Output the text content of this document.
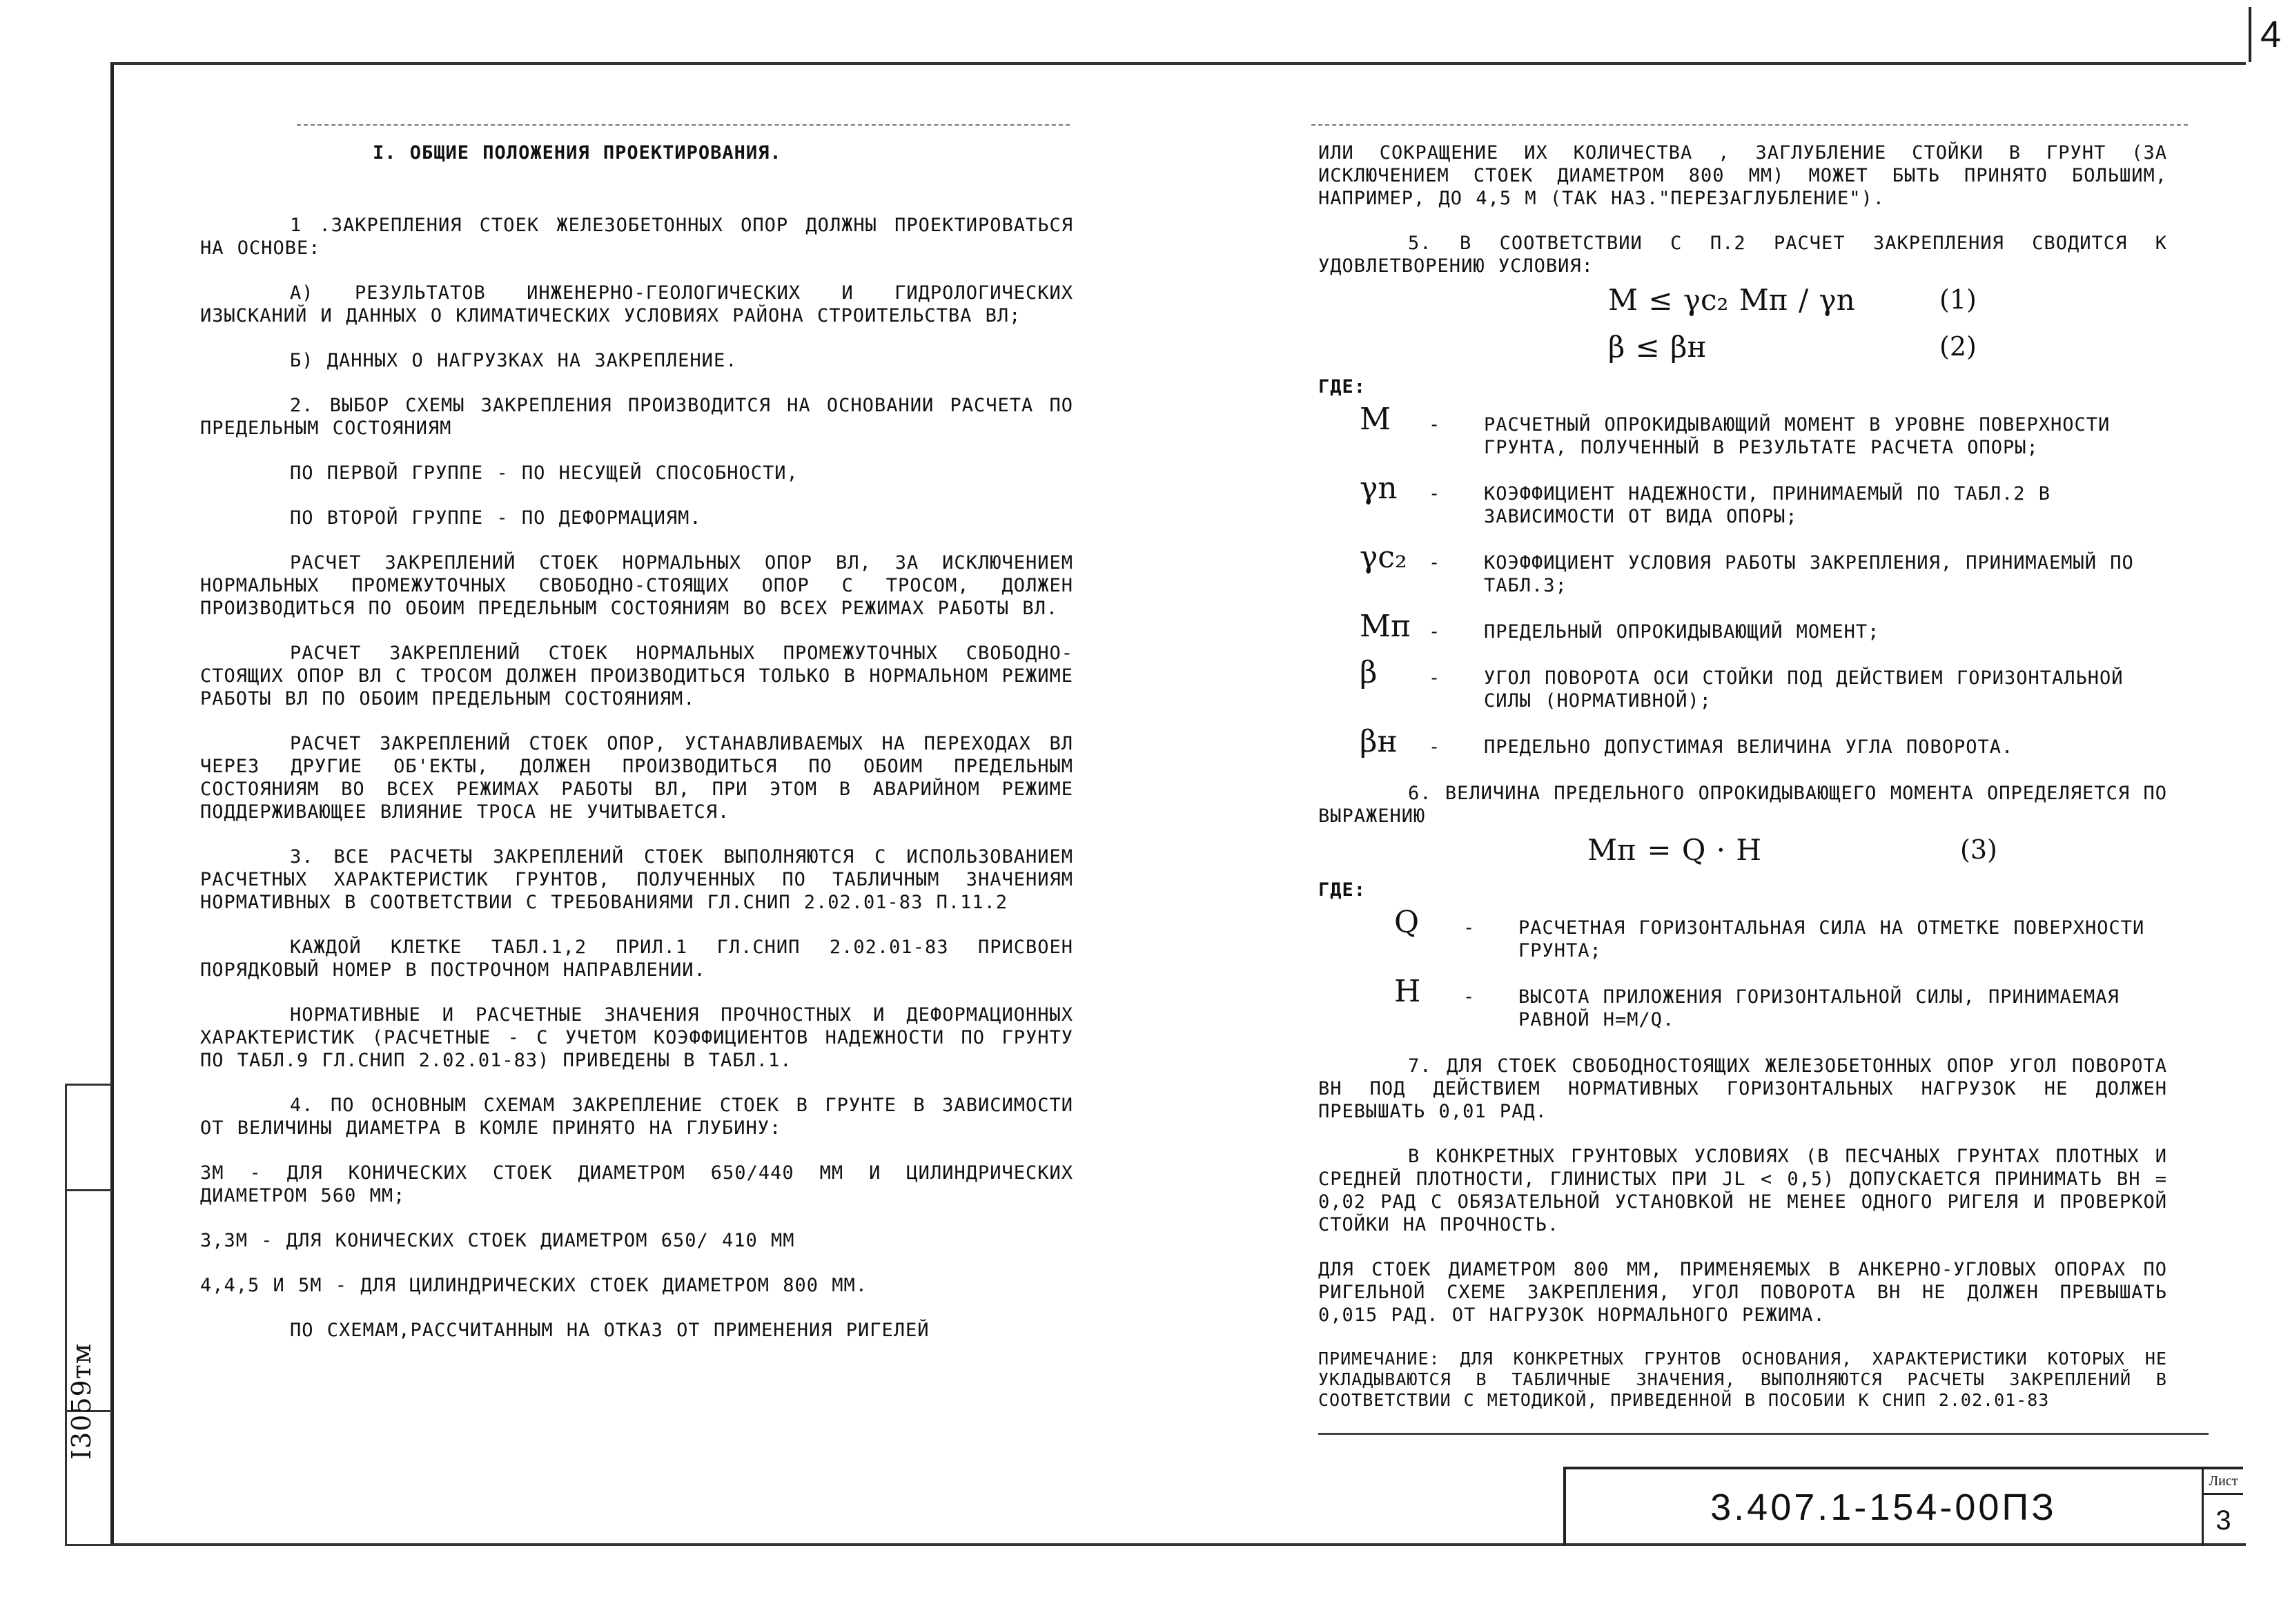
4
I3059тм
I. ОБЩИЕ ПОЛОЖЕНИЯ ПРОЕКТИРОВАНИЯ.
1 .ЗАКРЕПЛЕНИЯ СТОЕК ЖЕЛЕЗОБЕТОННЫХ ОПОР ДОЛЖНЫ ПРОЕКТИРОВАТЬСЯ НА ОСНОВЕ:
А) РЕЗУЛЬТАТОВ ИНЖЕНЕРНО-ГЕОЛОГИЧЕСКИХ И ГИДРОЛОГИЧЕСКИХ ИЗЫСКАНИЙ И ДАННЫХ О КЛИМАТИЧЕСКИХ УСЛОВИЯХ РАЙОНА СТРОИТЕЛЬСТВА ВЛ;
Б) ДАННЫХ О НАГРУЗКАХ НА ЗАКРЕПЛЕНИЕ.
2. ВЫБОР СХЕМЫ ЗАКРЕПЛЕНИЯ ПРОИЗВОДИТСЯ НА ОСНОВАНИИ РАСЧЕТА ПО ПРЕДЕЛЬНЫМ СОСТОЯНИЯМ
ПО ПЕРВОЙ ГРУППЕ - ПО НЕСУЩЕЙ СПОСОБНОСТИ,
ПО ВТОРОЙ ГРУППЕ - ПО ДЕФОРМАЦИЯМ.
РАСЧЕТ ЗАКРЕПЛЕНИЙ СТОЕК НОРМАЛЬНЫХ ОПОР ВЛ, ЗА ИСКЛЮЧЕНИЕМ НОРМАЛЬНЫХ ПРОМЕЖУТОЧНЫХ СВОБОДНО-СТОЯЩИХ ОПОР С ТРОСОМ, ДОЛЖЕН ПРОИЗВОДИТЬСЯ ПО ОБОИМ ПРЕДЕЛЬНЫМ СОСТОЯНИЯМ ВО ВСЕХ РЕЖИМАХ РАБОТЫ ВЛ.
РАСЧЕТ ЗАКРЕПЛЕНИЙ СТОЕК НОРМАЛЬНЫХ ПРОМЕЖУТОЧНЫХ СВОБОДНО-СТОЯЩИХ ОПОР ВЛ С ТРОСОМ ДОЛЖЕН ПРОИЗВОДИТЬСЯ ТОЛЬКО В НОРМАЛЬНОМ РЕЖИМЕ РАБОТЫ ВЛ ПО ОБОИМ ПРЕДЕЛЬНЫМ СОСТОЯНИЯМ.
РАСЧЕТ ЗАКРЕПЛЕНИЙ СТОЕК ОПОР, УСТАНАВЛИВАЕМЫХ НА ПЕРЕХОДАХ ВЛ ЧЕРЕЗ ДРУГИЕ ОБ'ЕКТЫ, ДОЛЖЕН ПРОИЗВОДИТЬСЯ ПО ОБОИМ ПРЕДЕЛЬНЫМ СОСТОЯНИЯМ ВО ВСЕХ РЕЖИМАХ РАБОТЫ ВЛ, ПРИ ЭТОМ В АВАРИЙНОМ РЕЖИМЕ ПОДДЕРЖИВАЮЩЕЕ ВЛИЯНИЕ ТРОСА НЕ УЧИТЫВАЕТСЯ.
3. ВСЕ РАСЧЕТЫ ЗАКРЕПЛЕНИЙ СТОЕК ВЫПОЛНЯЮТСЯ С ИСПОЛЬЗОВАНИЕМ РАСЧЕТНЫХ ХАРАКТЕРИСТИК ГРУНТОВ, ПОЛУЧЕННЫХ ПО ТАБЛИЧНЫМ ЗНАЧЕНИЯМ НОРМАТИВНЫХ В СООТВЕТСТВИИ С ТРЕБОВАНИЯМИ ГЛ.СНИП 2.02.01-83 П.11.2
КАЖДОЙ КЛЕТКЕ ТАБЛ.1,2 ПРИЛ.1 ГЛ.СНИП 2.02.01-83 ПРИСВОЕН ПОРЯДКОВЫЙ НОМЕР В ПОСТРОЧНОМ НАПРАВЛЕНИИ.
НОРМАТИВНЫЕ И РАСЧЕТНЫЕ ЗНАЧЕНИЯ ПРОЧНОСТНЫХ И ДЕФОРМАЦИОННЫХ ХАРАКТЕРИСТИК (РАСЧЕТНЫЕ - С УЧЕТОМ КОЭФФИЦИЕНТОВ НАДЕЖНОСТИ ПО ГРУНТУ ПО ТАБЛ.9 ГЛ.СНИП 2.02.01-83) ПРИВЕДЕНЫ В ТАБЛ.1.
4. ПО ОСНОВНЫМ СХЕМАМ ЗАКРЕПЛЕНИЕ СТОЕК В ГРУНТЕ В ЗАВИСИМОСТИ ОТ ВЕЛИЧИНЫ ДИАМЕТРА В КОМЛЕ ПРИНЯТО НА ГЛУБИНУ:
3М - ДЛЯ КОНИЧЕСКИХ СТОЕК ДИАМЕТРОМ 650/440 ММ И ЦИЛИНДРИЧЕСКИХ ДИАМЕТРОМ 560 ММ;
3,3М - ДЛЯ КОНИЧЕСКИХ СТОЕК ДИАМЕТРОМ 650/ 410 ММ
4,4,5 И 5М - ДЛЯ ЦИЛИНДРИЧЕСКИХ СТОЕК ДИАМЕТРОМ 800 ММ.
ПО СХЕМАМ,РАССЧИТАННЫМ НА ОТКАЗ ОТ ПРИМЕНЕНИЯ РИГЕЛЕЙ
ИЛИ СОКРАЩЕНИЕ ИХ КОЛИЧЕСТВА , ЗАГЛУБЛЕНИЕ СТОЙКИ В ГРУНТ (ЗА ИСКЛЮЧЕНИЕМ СТОЕК ДИАМЕТРОМ 800 ММ) МОЖЕТ БЫТЬ ПРИНЯТО БОЛЬШИМ, НАПРИМЕР, ДО 4,5 М (ТАК НАЗ."ПЕРЕЗАГЛУБЛЕНИЕ").
5. В СООТВЕТСТВИИ С П.2 РАСЧЕТ ЗАКРЕПЛЕНИЯ СВОДИТСЯ К УДОВЛЕТВОРЕНИЮ УСЛОВИЯ:
M ≤ γc₂ Mп / γn	(1)
β ≤ βн	(2)
ГДЕ:
M	- РАСЧЕТНЫЙ ОПРОКИДЫВАЮЩИЙ МОМЕНТ В УРОВНЕ ПОВЕРХНОСТИ ГРУНТА, ПОЛУЧЕННЫЙ В РЕЗУЛЬТАТЕ РАСЧЕТА ОПОРЫ;
γn	- КОЭФФИЦИЕНТ НАДЕЖНОСТИ, ПРИНИМАЕМЫЙ ПО ТАБЛ.2 В ЗАВИСИМОСТИ ОТ ВИДА ОПОРЫ;
γc₂	- КОЭФФИЦИЕНТ УСЛОВИЯ РАБОТЫ ЗАКРЕПЛЕНИЯ, ПРИНИМАЕМЫЙ ПО ТАБЛ.3;
Mп - ПРЕДЕЛЬНЫЙ ОПРОКИДЫВАЮЩИЙ МОМЕНТ;
β	- УГОЛ ПОВОРОТА ОСИ СТОЙКИ ПОД ДЕЙСТВИЕМ ГОРИЗОНТАЛЬНОЙ СИЛЫ (НОРМАТИВНОЙ);
βн	- ПРЕДЕЛЬНО ДОПУСТИМАЯ ВЕЛИЧИНА УГЛА ПОВОРОТА.
6. ВЕЛИЧИНА ПРЕДЕЛЬНОГО ОПРОКИДЫВАЮЩЕГО МОМЕНТА ОПРЕДЕЛЯЕТСЯ ПО ВЫРАЖЕНИЮ
Mп = Q · H	(3)
ГДЕ:
Q	- РАСЧЕТНАЯ ГОРИЗОНТАЛЬНАЯ СИЛА НА ОТМЕТКЕ ПОВЕРХНОСТИ ГРУНТА;
H	- ВЫСОТА ПРИЛОЖЕНИЯ ГОРИЗОНТАЛЬНОЙ СИЛЫ, ПРИНИМАЕМАЯ РАВНОЙ H=M/Q.
7. ДЛЯ СТОЕК СВОБОДНОСТОЯЩИХ ЖЕЛЕЗОБЕТОННЫХ ОПОР УГОЛ ПОВОРОТА ΒН ПОД ДЕЙСТВИЕМ НОРМАТИВНЫХ ГОРИЗОНТАЛЬНЫХ НАГРУЗОК НЕ ДОЛЖЕН ПРЕВЫШАТЬ 0,01 РАД.
В КОНКРЕТНЫХ ГРУНТОВЫХ УСЛОВИЯХ (В ПЕСЧАНЫХ ГРУНТАХ ПЛОТНЫХ И СРЕДНЕЙ ПЛОТНОСТИ, ГЛИНИСТЫХ ПРИ JL < 0,5) ДОПУСКАЕТСЯ ПРИНИМАТЬ ΒН = 0,02 РАД С ОБЯЗАТЕЛЬНОЙ УСТАНОВКОЙ НЕ МЕНЕЕ ОДНОГО РИГЕЛЯ И ПРОВЕРКОЙ СТОЙКИ НА ПРОЧНОСТЬ.
ДЛЯ СТОЕК ДИАМЕТРОМ 800 ММ, ПРИМЕНЯЕМЫХ В АНКЕРНО-УГЛОВЫХ ОПОРАХ ПО РИГЕЛЬНОЙ СХЕМЕ ЗАКРЕПЛЕНИЯ, УГОЛ ПОВОРОТА ΒН НЕ ДОЛЖЕН ПРЕВЫШАТЬ 0,015 РАД. ОТ НАГРУЗОК НОРМАЛЬНОГО РЕЖИМА.
ПРИМЕЧАНИЕ: ДЛЯ КОНКРЕТНЫХ ГРУНТОВ ОСНОВАНИЯ, ХАРАКТЕРИСТИКИ КОТОРЫХ НЕ УКЛАДЫВАЮТСЯ В ТАБЛИЧНЫЕ ЗНАЧЕНИЯ, ВЫПОЛНЯЮТСЯ РАСЧЕТЫ ЗАКРЕПЛЕНИЙ В СООТВЕТСТВИИ С МЕТОДИКОЙ, ПРИВЕДЕННОЙ В ПОСОБИИ К СНИП 2.02.01-83
3.407.1-154-00ПЗ
Лист
3
